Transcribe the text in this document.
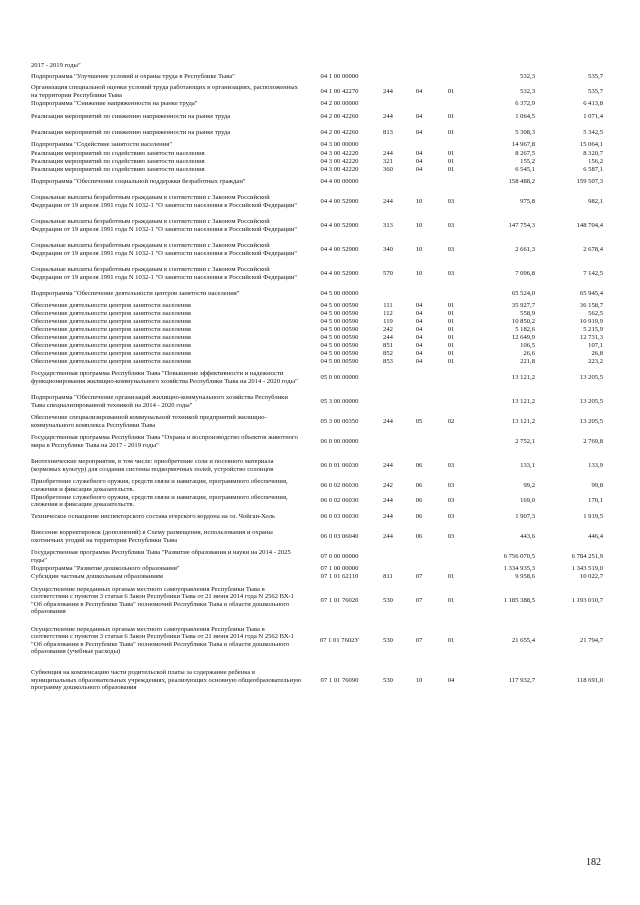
2017 - 2019 годы"						
Подпрограмма "Улучшение условий и охраны труда в Республике Тыва"	04 1 00 00000				532,3	535,7
Организация специальной оценки условий труда работающих в организациях, расположенных на территории Республики Тыва	04 1 00 42270	244	04	01	532,3	535,7
Подпрограмма "Снижение напряженности на рынке труда"	04 2 00 00000				6 372,9	6 413,8
Реализация мероприятий по снижению напряженности на рынке труда	04 2 00 42260	244	04	01	1 064,5	1 071,4
Реализация мероприятий по снижению напряженности на рынке труда	04 2 00 42260	813	04	01	5 308,3	5 342,5
Подпрограмма "Содействие занятости населения"	04 3 00 00000				14 967,8	15 064,1
Реализация мероприятий по содействию занятости населения	04 3 00 42220	244	04	01	8 267,5	8 320,7
Реализация мероприятий по содействию занятости населения	04 3 00 42220	321	04	01	155,2	156,2
Реализация мероприятий по содействию занятости населения	04 3 00 42220	360	04	01	6 545,1	6 587,1
Подпрограмма "Обеспечение социальной поддержки безработных граждан"	04 4 00 00000				158 488,2	159 507,3
Социальные выплаты безработным гражданам в соответствии с Законом Российской Федерации от 19 апреля 1991 года N 1032-1 "О занятости населения в Российской Федерации"	04 4 00 52900	244	10	03	975,8	982,1
Социальные выплаты безработным гражданам в соответствии с Законом Российской Федерации от 19 апреля 1991 года N 1032-1 "О занятости населения в Российской Федерации"	04 4 00 52900	313	10	03	147 754,3	148 704,4
Социальные выплаты безработным гражданам в соответствии с Законом Российской Федерации от 19 апреля 1991 года N 1032-1 "О занятости населения в Российской Федерации"	04 4 00 52900	340	10	03	2 661,3	2 678,4
Социальные выплаты безработным гражданам в соответствии с Законом Российской Федерации от 19 апреля 1991 года N 1032-1 "О занятости населения в Российской Федерации"	04 4 00 52900	570	10	03	7 096,8	7 142,5
Подпрограмма "Обеспечение деятельности центров занятости населения"	04 5 00 00000				65 524,0	65 945,4
Обеспечение деятельности центров занятости населения	04 5 00 00590	111	04	01	35 927,7	36 158,7
Обеспечение деятельности центров занятости населения	04 5 00 00590	112	04	01	558,9	562,5
Обеспечение деятельности центров занятости населения	04 5 00 00590	119	04	01	10 850,2	10 919,9
Обеспечение деятельности центров занятости населения	04 5 00 00590	242	04	01	5 182,6	5 215,9
Обеспечение деятельности центров занятости населения	04 5 00 00590	244	04	01	12 649,9	12 731,3
Обеспечение деятельности центров занятости населения	04 5 00 00590	851	04	01	106,5	107,1
Обеспечение деятельности центров занятости населения	04 5 00 00590	852	04	01	26,6	26,8
Обеспечение деятельности центров занятости населения	04 5 00 00590	853	04	01	221,8	223,2
Государственная программа Республики Тыва "Повышение эффективности и надежности функционирования жилищно-коммунального хозяйства Республики Тыва на 2014 - 2020 годы"	05 0 00 00000				13 121,2	13 205,5
Подпрограмма "Обеспечение организаций жилищно-коммунального хозяйства Республики Тыва специализированной техникой на 2014 - 2020 годы"	05 3 00 00000				13 121,2	13 205,5
Обеспечение специализированной коммунальной техникой предприятий жилищно-коммунального комплекса Республики Тыва	05 3 00 00350	244	05	02	13 121,2	13 205,5
Государственная программа Республики Тыва "Охрана и воспроизводство объектов животного мира в Республике Тыва на 2017 - 2019 годы"	06 0 00 00000				2 752,1	2 769,8
Биотехнические мероприятия, в том числе: приобретение соли и посевного материала (кормовых культур) для создания системы подкормочных полей, устройство солонцов	06 0 01 06030	244	06	03	133,1	133,9
Приобретение служебного оружия, средств связи и навигации, программного обеспечения, слежения и фиксации доказательств.	06 0 02 06030	242	06	03	99,2	99,8
Приобретение служебного оружия, средств связи и навигации, программного обеспечения, слежения и фиксации доказательств.	06 0 02 06030	244	06	03	169,0	170,1
Техническое оснащение инспекторского состава егерского кордона на оз. Чойган-Холь	06 0 03 06030	244	06	03	1 907,3	1 919,5
Внесение корректировок (дополнений) в Схему размещения, использования и охраны охотничьих угодий на территории Республики Тыва	06 0 03 06040	244	06	03	443,6	446,4
Государственная программа Республики Тыва "Развитие образования и науки на 2014 - 2025 годы"	07 0 00 00000				6 756 070,5	6 784 251,9
Подпрограмма "Развитие дошкольного образования"	07 1 00 00000				1 334 935,3	1 343 519,0
Субсидии частным дошкольным образованиям	07 1 01 62110	811	07	01	9 958,6	10 022,7
Осуществление переданных органам местного самоуправления Республики Тыва в соответствии с пунктом 3 статьи 6 Закон Республики Тыва от 21 июня 2014 года N 2562 ВХ-1 "Об образовании в Республике Тыва" полномочий Республики Тыва в области дошкольного образования	07 1 01 76020	530	07	01	1 185 388,5	1 193 010,7
Осуществление переданных органам местного самоуправления Республики Тыва в соответствии с пунктом 3 статьи 6 Закон Республики Тыва от 21 июня 2014 года N 2562 ВХ-1 "Об образовании в Республике Тыва" полномочий Республики Тыва в области дошкольного образования (учебные расходы)	07 1 01 7602У	530	07	01	21 655,4	21 794,7
Субвенция на компенсацию части родительской платы за содержание ребенка в муниципальных образовательных учреждениях, реализующих основную общеобразовательную программу дошкольного образования	07 1 01 76090	530	10	04	117 932,7	118 691,0
182
